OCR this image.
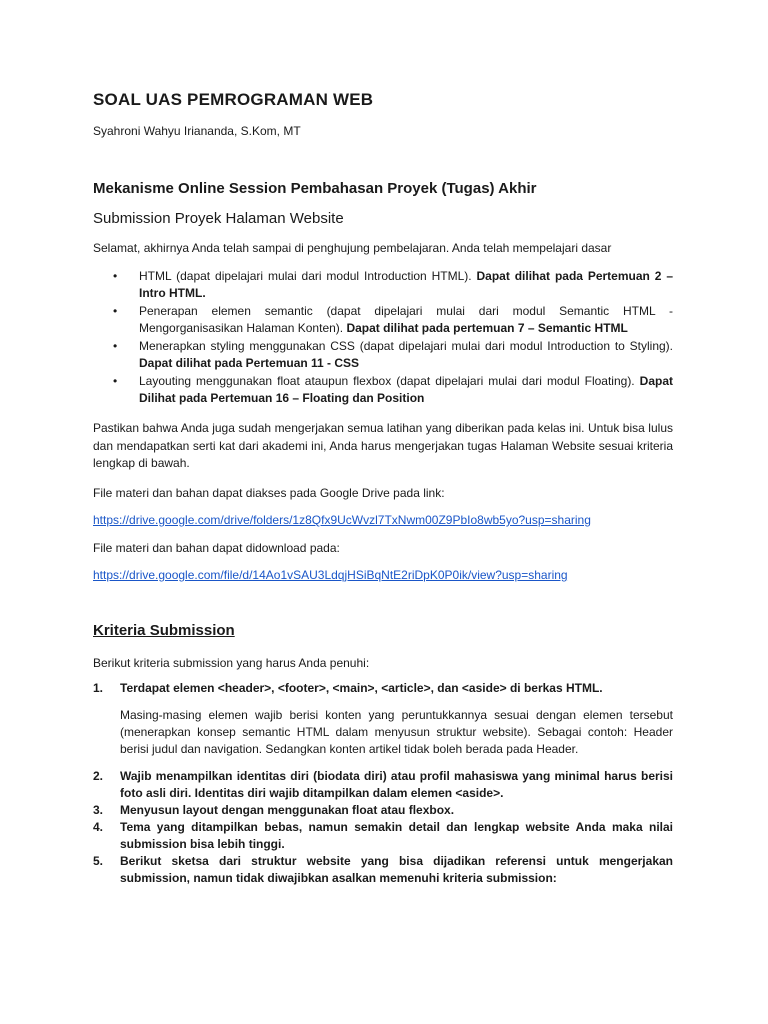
SOAL UAS PEMROGRAMAN WEB

Syahroni Wahyu Iriananda, S.Kom, MT

Mekanisme Online Session Pembahasan Proyek (Tugas) Akhir
Submission Proyek Halaman Website

Selamat, akhirnya Anda telah sampai di penghujung pembelajaran. Anda telah mempelajari dasar

• HTML (dapat dipelajari mulai dari modul Introduction HTML). Dapat dilihat pada Pertemuan 2 – Intro HTML.
• Penerapan elemen semantic (dapat dipelajari mulai dari modul Semantic HTML - Mengorganisasikan Halaman Konten). Dapat dilihat pada pertemuan 7 – Semantic HTML
• Menerapkan styling menggunakan CSS (dapat dipelajari mulai dari modul Introduction to Styling). Dapat dilihat pada Pertemuan 11 - CSS
• Layouting menggunakan float ataupun flexbox (dapat dipelajari mulai dari modul Floating). Dapat Dilihat pada Pertemuan 16 – Floating dan Position

Pastikan bahwa Anda juga sudah mengerjakan semua latihan yang diberikan pada kelas ini. Untuk bisa lulus dan mendapatkan serti kat dari akademi ini, Anda harus mengerjakan tugas Halaman Website sesuai kriteria lengkap di bawah.

File materi dan bahan dapat diakses pada Google Drive pada link:

https://drive.google.com/drive/folders/1z8Qfx9UcWvzl7TxNwm00Z9PbIo8wb5yo?usp=sharing

File materi dan bahan dapat didownload pada:

https://drive.google.com/file/d/14Ao1vSAU3LdqjHSiBqNtE2riDpK0P0ik/view?usp=sharing
Kriteria Submission

Berikut kriteria submission yang harus Anda penuhi:

1. Terdapat elemen <header>, <footer>, <main>, <article>, dan <aside> di berkas HTML.

Masing-masing elemen wajib berisi konten yang peruntukkannya sesuai dengan elemen tersebut (menerapkan konsep semantic HTML dalam menyusun struktur website). Sebagai contoh: Header berisi judul dan navigation. Sedangkan konten artikel tidak boleh berada pada Header.

2. Wajib menampilkan identitas diri (biodata diri) atau profil mahasiswa yang minimal harus berisi foto asli diri. Identitas diri wajib ditampilkan dalam elemen <aside>.
3. Menyusun layout dengan menggunakan float atau flexbox.
4. Tema yang ditampilkan bebas, namun semakin detail dan lengkap website Anda maka nilai submission bisa lebih tinggi.
5. Berikut sketsa dari struktur website yang bisa dijadikan referensi untuk mengerjakan submission, namun tidak diwajibkan asalkan memenuhi kriteria submission:
